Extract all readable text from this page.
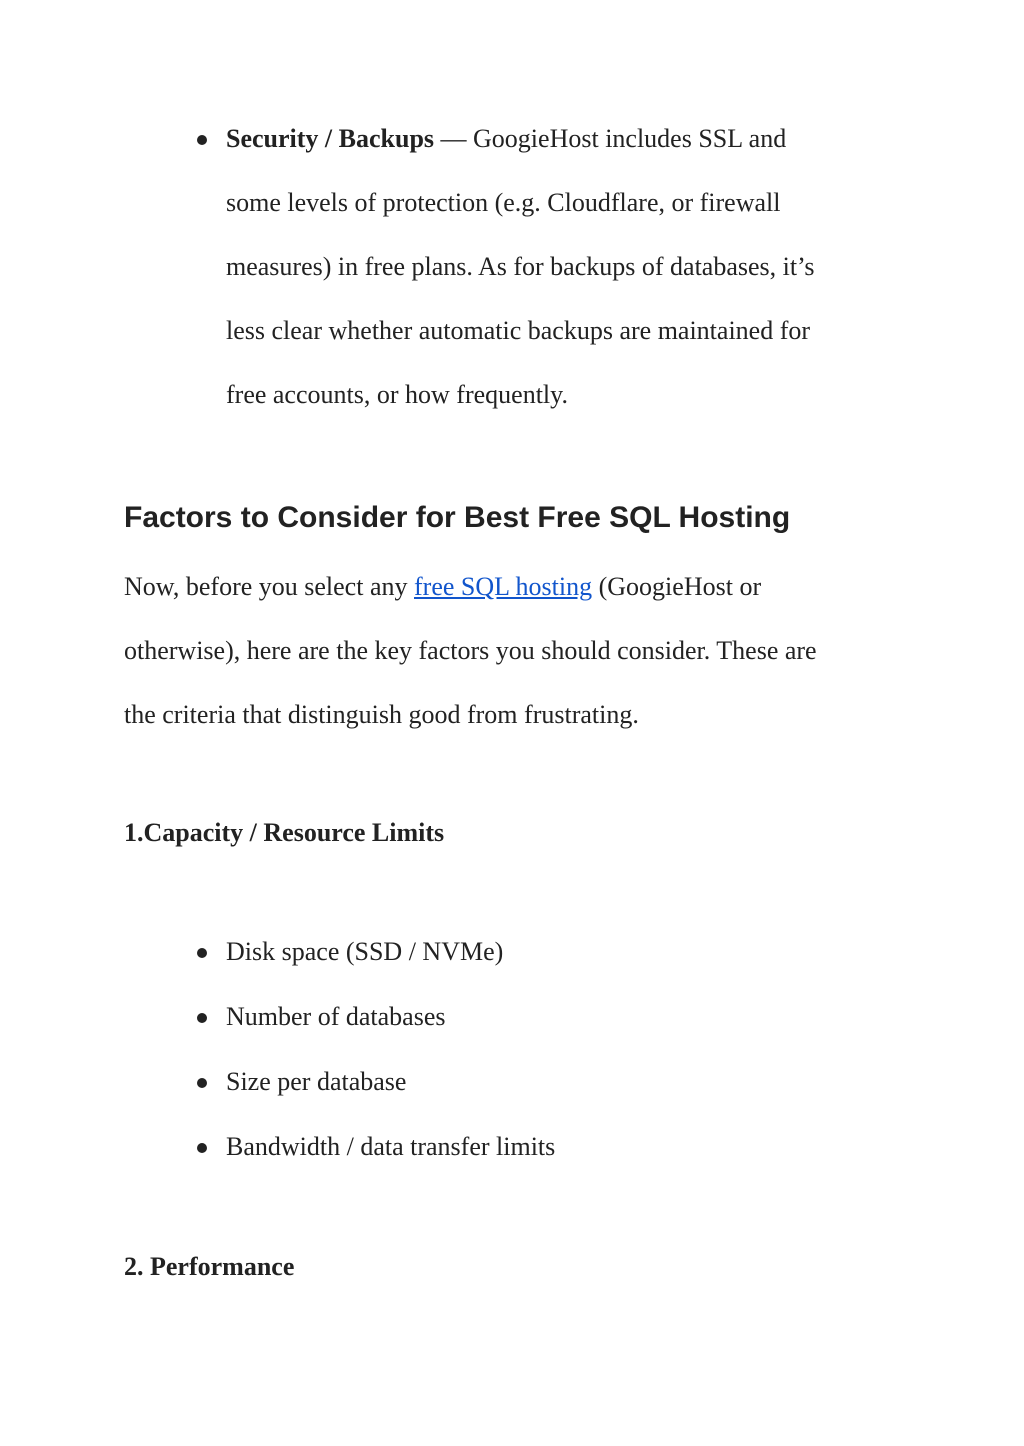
Security / Backups — GoogieHost includes SSL and
some levels of protection (e.g. Cloudflare, or firewall
measures) in free plans. As for backups of databases, it’s
less clear whether automatic backups are maintained for
free accounts, or how frequently.
Factors to Consider for Best Free SQL Hosting
Now, before you select any free SQL hosting (GoogieHost or
otherwise), here are the key factors you should consider. These are
the criteria that distinguish good from frustrating.
1.Capacity / Resource Limits
Disk space (SSD / NVMe)
Number of databases
Size per database
Bandwidth / data transfer limits
2. Performance
